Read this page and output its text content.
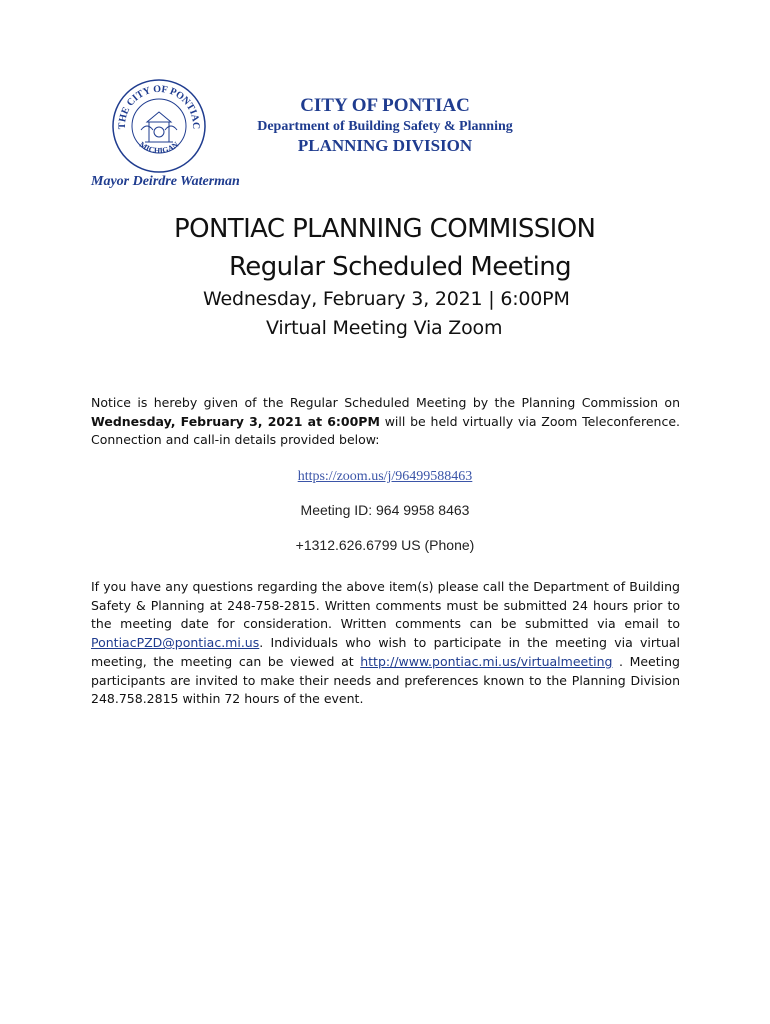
THE CITY OF PONTIAC
MICHIGAN
CITY OF PONTIAC
Department of Building Safety & Planning
PLANNING DIVISION
Mayor Deirdre Waterman
PONTIAC PLANNING COMMISSION
Regular Scheduled Meeting
Wednesday, February 3, 2021 | 6:00PM
Virtual Meeting Via Zoom
Notice is hereby given of the Regular Scheduled Meeting by the Planning Commission on Wednesday, February 3, 2021 at 6:00PM will be held virtually via Zoom Teleconference. Connection and call-in details provided below:
https://zoom.us/j/96499588463
Meeting ID: 964 9958 8463
+1312.626.6799 US (Phone)
If you have any questions regarding the above item(s) please call the Department of Building Safety & Planning at 248-758-2815. Written comments must be submitted 24 hours prior to the meeting date for consideration. Written comments can be submitted via email to PontiacPZD@pontiac.mi.us. Individuals who wish to participate in the meeting via virtual meeting, the meeting can be viewed at http://www.pontiac.mi.us/virtualmeeting . Meeting participants are invited to make their needs and preferences known to the Planning Division 248.758.2815 within 72 hours of the event.
